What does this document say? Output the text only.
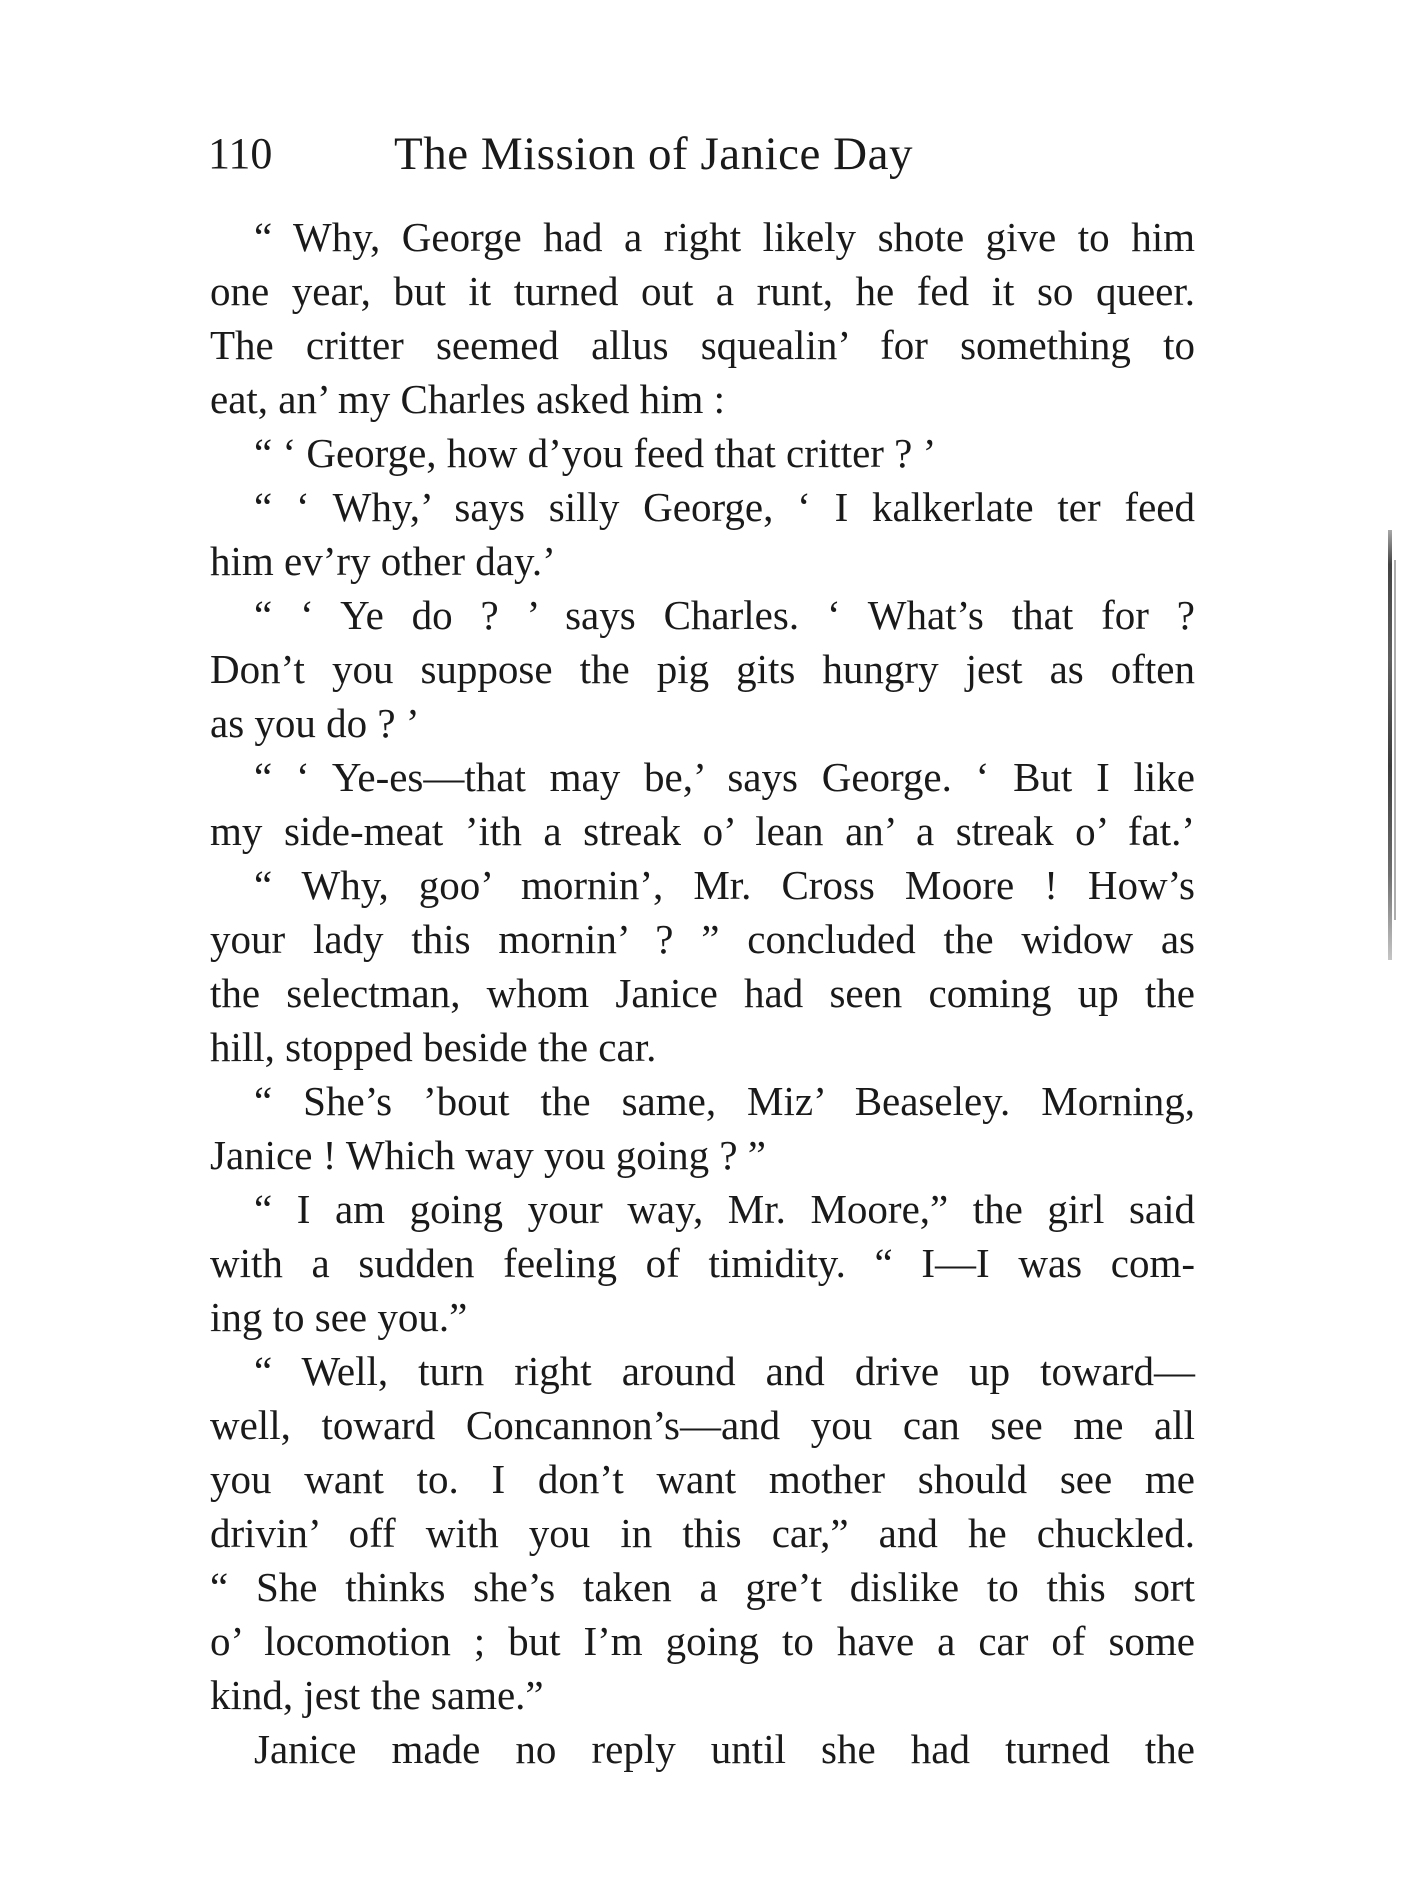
110	The Mission of Janice Day
“ Why, George had a right likely shote give to him
one year, but it turned out a runt, he fed it so queer.
The critter seemed allus squealin’ for something to
eat, an’ my Charles asked him :
“ ‘ George, how d’you feed that critter ? ’
“ ‘ Why,’ says silly George, ‘ I kalkerlate ter feed
him ev’ry other day.’
“ ‘ Ye do ? ’ says Charles. ‘ What’s that for ?
Don’t you suppose the pig gits hungry jest as often
as you do ? ’
“ ‘ Ye-es—that may be,’ says George. ‘ But I like
my side-meat ’ith a streak o’ lean an’ a streak o’ fat.’
“ Why, goo’ mornin’, Mr. Cross Moore ! How’s
your lady this mornin’ ? ” concluded the widow as
the selectman, whom Janice had seen coming up the
hill, stopped beside the car.
“ She’s ’bout the same, Miz’ Beaseley. Morning,
Janice ! Which way you going ? ”
“ I am going your way, Mr. Moore,” the girl said
with a sudden feeling of timidity. “ I—I was com-
ing to see you.”
“ Well, turn right around and drive up toward—
well, toward Concannon’s—and you can see me all
you want to. I don’t want mother should see me
drivin’ off with you in this car,” and he chuckled.
“ She thinks she’s taken a gre’t dislike to this sort
o’ locomotion ; but I’m going to have a car of some
kind, jest the same.”
Janice made no reply until she had turned the
